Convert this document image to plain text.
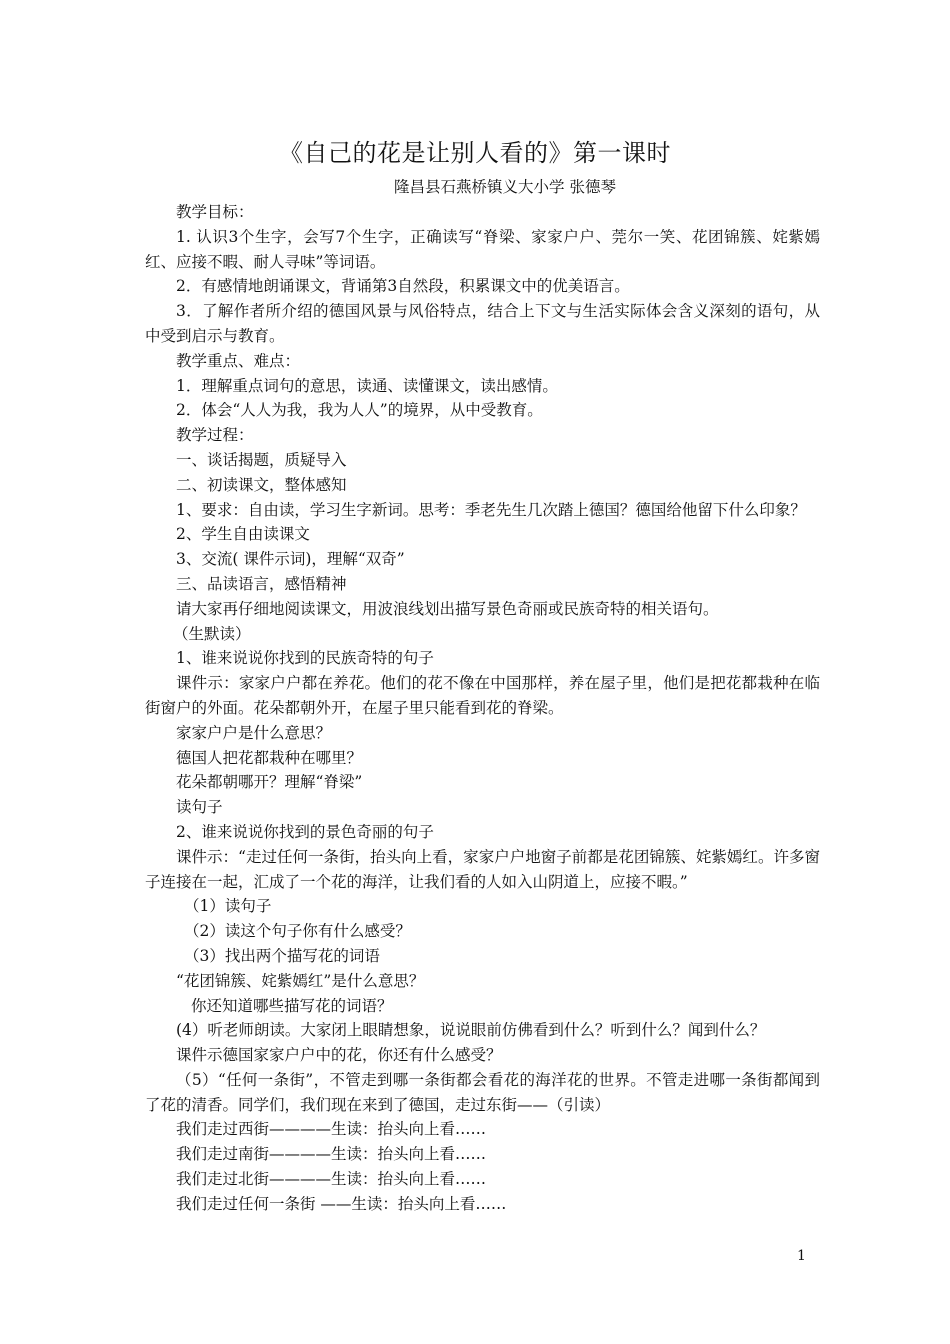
《自己的花是让别人看的》第一课时
隆昌县石燕桥镇义大小学 张德琴

教学目标：

1. 认识3个生字，会写7个生字，正确读写“脊梁、家家户户、莞尔一笑、花团锦簇、姹紫嫣红、应接不暇、耐人寻味”等词语。

2．有感情地朗诵课文，背诵第3自然段，积累课文中的优美语言。

3．了解作者所介绍的德国风景与风俗特点，结合上下文与生活实际体会含义深刻的语句，从中受到启示与教育。

教学重点、难点：

1．理解重点词句的意思，读通、读懂课文，读出感情。

2．体会“人人为我，我为人人”的境界，从中受教育。

教学过程：

一、谈话揭题，质疑导入

二、初读课文，整体感知

1、要求：自由读，学习生字新词。思考：季老先生几次踏上德国？德国给他留下什么印象？

2、学生自由读课文

3、交流( 课件示词)，理解“双奇”

三、品读语言，感悟精神

请大家再仔细地阅读课文，用波浪线划出描写景色奇丽或民族奇特的相关语句。

（生默读）

1、谁来说说你找到的民族奇特的句子

课件示：家家户户都在养花。他们的花不像在中国那样，养在屋子里，他们是把花都栽种在临街窗户的外面。花朵都朝外开，在屋子里只能看到花的脊梁。

家家户户是什么意思？

德国人把花都栽种在哪里？

花朵都朝哪开？理解“脊梁”

读句子

2、谁来说说你找到的景色奇丽的句子

课件示：“走过任何一条街，抬头向上看，家家户户地窗子前都是花团锦簇、姹紫嫣红。许多窗子连接在一起，汇成了一个花的海洋，让我们看的人如入山阴道上，应接不暇。”

（1）读句子

（2）读这个句子你有什么感受？

（3）找出两个描写花的词语

“花团锦簇、姹紫嫣红”是什么意思？

你还知道哪些描写花的词语？

(4）听老师朗读。大家闭上眼睛想象，说说眼前仿佛看到什么？听到什么？闻到什么？

课件示德国家家户户中的花，你还有什么感受？

（5）“任何一条街”，不管走到哪一条街都会看花的海洋花的世界。不管走进哪一条街都闻到了花的清香。同学们，我们现在来到了德国，走过东街——（引读）

我们走过西街————生读：抬头向上看……

我们走过南街————生读：抬头向上看……

我们走过北街————生读：抬头向上看……

我们走过任何一条街 ——生读：抬头向上看……

1
